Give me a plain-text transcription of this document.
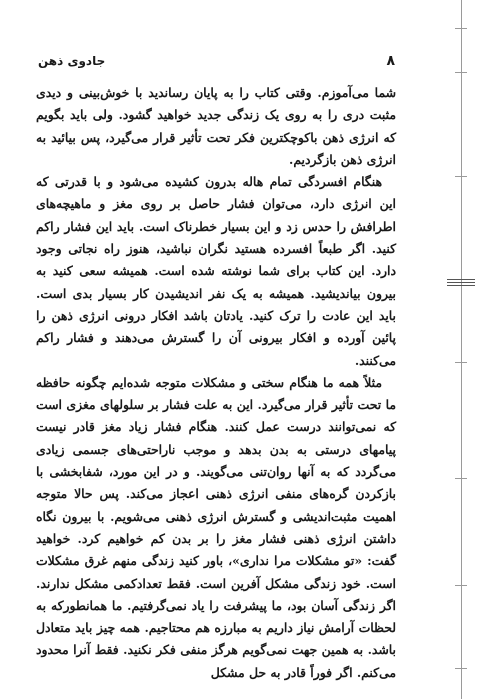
۸
جادوی ذهن

شما می‌آموزم. وقتی کتاب را به پایان رساندید با خوش‌بینی و دیدی مثبت دری را به روی یک زندگی جدید خواهید گشود. ولی باید بگویم که انرژی ذهن باکوچکترین فکر تحت تأثیر قرار می‌گیرد، پس بیائید به انرژی ذهن بازگردیم.

هنگام افسردگی تمام هاله بدرون کشیده می‌شود و با قدرتی که این انرژی دارد، می‌توان فشار حاصل بر روی مغز و ماهیچه‌های اطرافش را حدس زد و این بسیار خطرناک است. باید این فشار راکم کنید. اگر طبعاً افسرده هستید نگران نباشید، هنوز راه نجاتی وجود دارد. این کتاب برای شما نوشته شده است. همیشه سعی کنید به بیرون بیاندیشید. همیشه به یک نفر اندیشیدن کار بسیار بدی است. باید این عادت را ترک کنید. یادتان باشد افکار درونی انرژی ذهن را پائین آورده و افکار بیرونی آن را گسترش می‌دهند و فشار راکم می‌کنند.

مثلاً همه ما هنگام سختی و مشکلات متوجه شده‌ایم چگونه حافظه ما تحت تأثیر قرار می‌گیرد. این به علت فشار بر سلولهای مغزی است که نمی‌توانند درست عمل کنند. هنگام فشار زیاد مغز قادر نیست پیامهای درستی به بدن بدهد و موجب ناراحتی‌های جسمی زیادی می‌گردد که به آنها روان‌تنی می‌گویند. و در این مورد، شفابخشی با بازکردن گره‌های منفی انرژی ذهنی اعجاز می‌کند. پس حالا متوجه اهمیت مثبت‌اندیشی و گسترش انرژی ذهنی می‌شویم. با بیرون نگاه داشتن انرژی ذهنی فشار مغز را بر بدن کم خواهیم کرد. خواهید گفت: «تو مشکلات مرا نداری»، باور کنید زندگی منهم غرق مشکلات است. خود زندگی مشکل آفرین است. فقط تعدادکمی مشکل ندارند. اگر زندگی آسان بود، ما پیشرفت را یاد نمی‌گرفتیم. ما همانطورکه به لحظات آرامش نیاز داریم به مبارزه هم محتاجیم. همه چیز باید متعادل باشد. به همین جهت نمی‌گویم هرگز منفی فکر نکنید. فقط آنرا محدود می‌کنم. اگر فوراً قادر به حل مشکل
